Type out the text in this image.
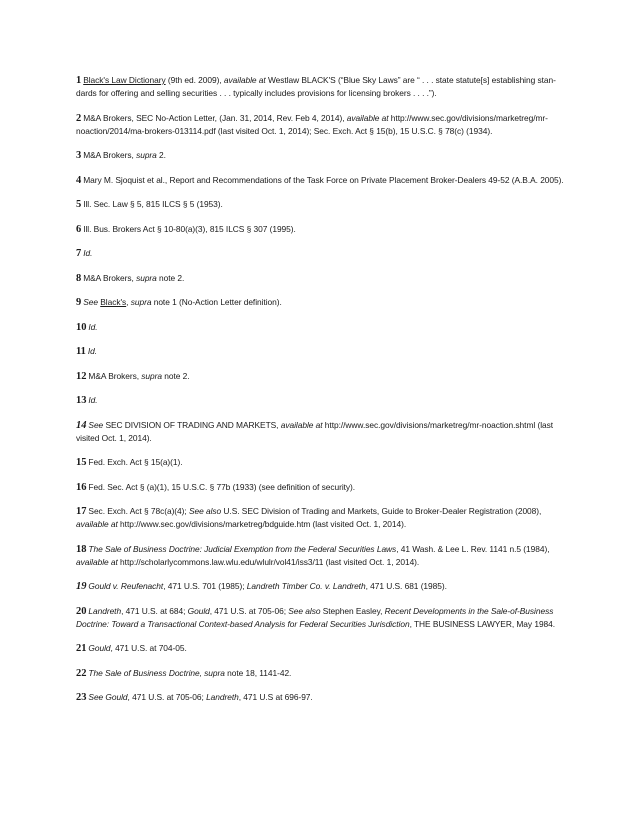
1 Black's Law Dictionary (9th ed. 2009), available at Westlaw BLACK'S (“Blue Sky Laws” are “ . . . state statute[s] establishing stan-dards for offering and selling securities . . . typically includes provisions for licensing brokers . . . .”).

2 M&A Brokers, SEC No-Action Letter, (Jan. 31, 2014, Rev. Feb 4, 2014), available at http://www.sec.gov/divisions/marketreg/mr-noaction/2014/ma-brokers-013114.pdf (last visited Oct. 1, 2014); Sec. Exch. Act § 15(b), 15 U.S.C. § 78(c) (1934).

3 M&A Brokers, supra 2.

4 Mary M. Sjoquist et al., Report and Recommendations of the Task Force on Private Placement Broker-Dealers 49-52 (A.B.A. 2005).

5 Ill. Sec. Law § 5, 815 ILCS § 5 (1953).

6 Ill. Bus. Brokers Act § 10-80(a)(3), 815 ILCS § 307 (1995).

7 Id.

8 M&A Brokers, supra note 2.

9 See Black's, supra note 1 (No-Action Letter definition).

10 Id.

11 Id.

12 M&A Brokers, supra note 2.

13 Id.

14 See SEC DIVISION OF TRADING AND MARKETS, available at http://www.sec.gov/divisions/marketreg/mr-noaction.shtml (last visited Oct. 1, 2014).

15 Fed. Exch. Act § 15(a)(1).

16 Fed. Sec. Act § (a)(1), 15 U.S.C. § 77b (1933) (see definition of security).

17 Sec. Exch. Act § 78c(a)(4); See also U.S. SEC Division of Trading and Markets, Guide to Broker-Dealer Registration (2008), available at http://www.sec.gov/divisions/marketreg/bdguide.htm (last visited Oct. 1, 2014).

18 The Sale of Business Doctrine: Judicial Exemption from the Federal Securities Laws, 41 Wash. & Lee L. Rev. 1141 n.5 (1984), available at http://scholarlycommons.law.wlu.edu/wlulr/vol41/iss3/11 (last visited Oct. 1, 2014).

19 Gould v. Reufenacht, 471 U.S. 701 (1985); Landreth Timber Co. v. Landreth, 471 U.S. 681 (1985).

20 Landreth, 471 U.S. at 684; Gould, 471 U.S. at 705-06; See also Stephen Easley, Recent Developments in the Sale-of-Business Doctrine: Toward a Transactional Context-based Analysis for Federal Securities Jurisdiction, THE BUSINESS LAWYER, May 1984.

21 Gould, 471 U.S. at 704-05.

22 The Sale of Business Doctrine, supra note 18, 1141-42.

23 See Gould, 471 U.S. at 705-06; Landreth, 471 U.S at 696-97.
